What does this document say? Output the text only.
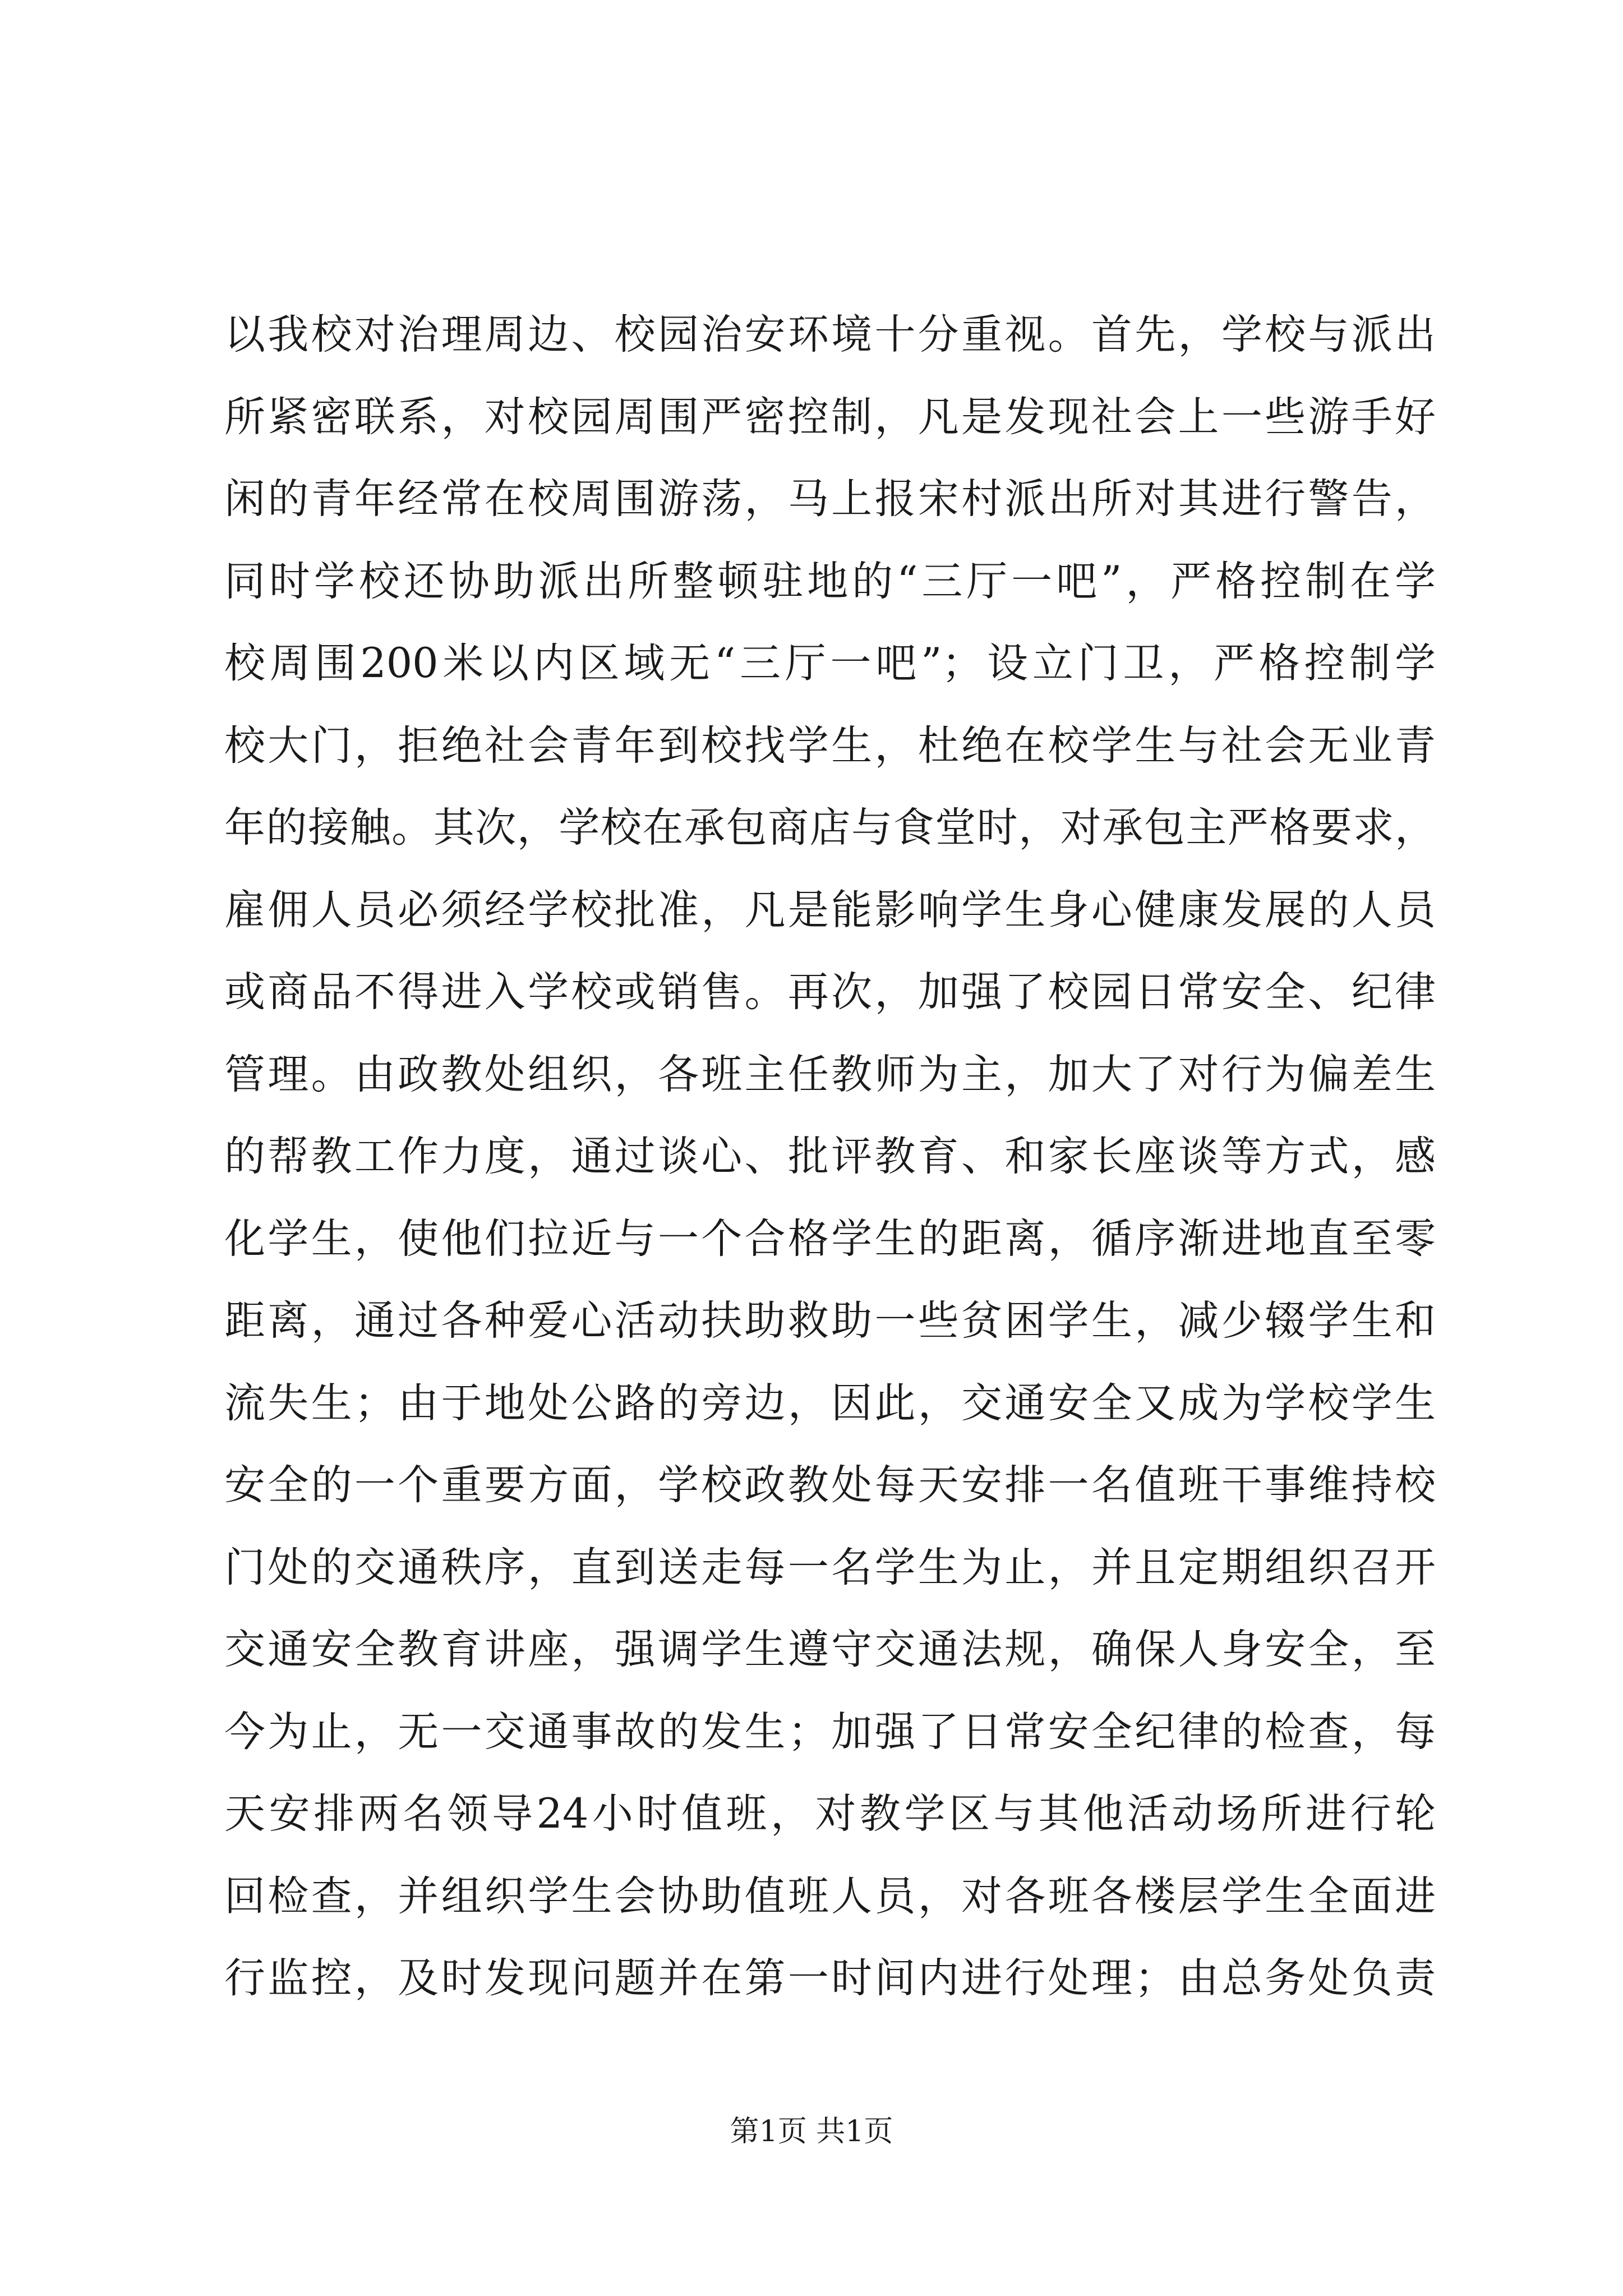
以我校对治理周边、校园治安环境十分重视。首先，学校与派出
所紧密联系，对校园周围严密控制，凡是发现社会上一些游手好
闲的青年经常在校周围游荡，马上报宋村派出所对其进行警告，
同时学校还协助派出所整顿驻地的“三厅一吧”，严格控制在学
校周围200米以内区域无“三厅一吧”；设立门卫，严格控制学
校大门，拒绝社会青年到校找学生，杜绝在校学生与社会无业青
年的接触。其次，学校在承包商店与食堂时，对承包主严格要求，
雇佣人员必须经学校批准，凡是能影响学生身心健康发展的人员
或商品不得进入学校或销售。再次，加强了校园日常安全、纪律
管理。由政教处组织，各班主任教师为主，加大了对行为偏差生
的帮教工作力度，通过谈心、批评教育、和家长座谈等方式，感
化学生，使他们拉近与一个合格学生的距离，循序渐进地直至零
距离，通过各种爱心活动扶助救助一些贫困学生，减少辍学生和
流失生；由于地处公路的旁边，因此，交通安全又成为学校学生
安全的一个重要方面，学校政教处每天安排一名值班干事维持校
门处的交通秩序，直到送走每一名学生为止，并且定期组织召开
交通安全教育讲座，强调学生遵守交通法规，确保人身安全，至
今为止，无一交通事故的发生；加强了日常安全纪律的检查，每
天安排两名领导24小时值班，对教学区与其他活动场所进行轮
回检查，并组织学生会协助值班人员，对各班各楼层学生全面进
行监控，及时发现问题并在第一时间内进行处理；由总务处负责
第1页 共1页
